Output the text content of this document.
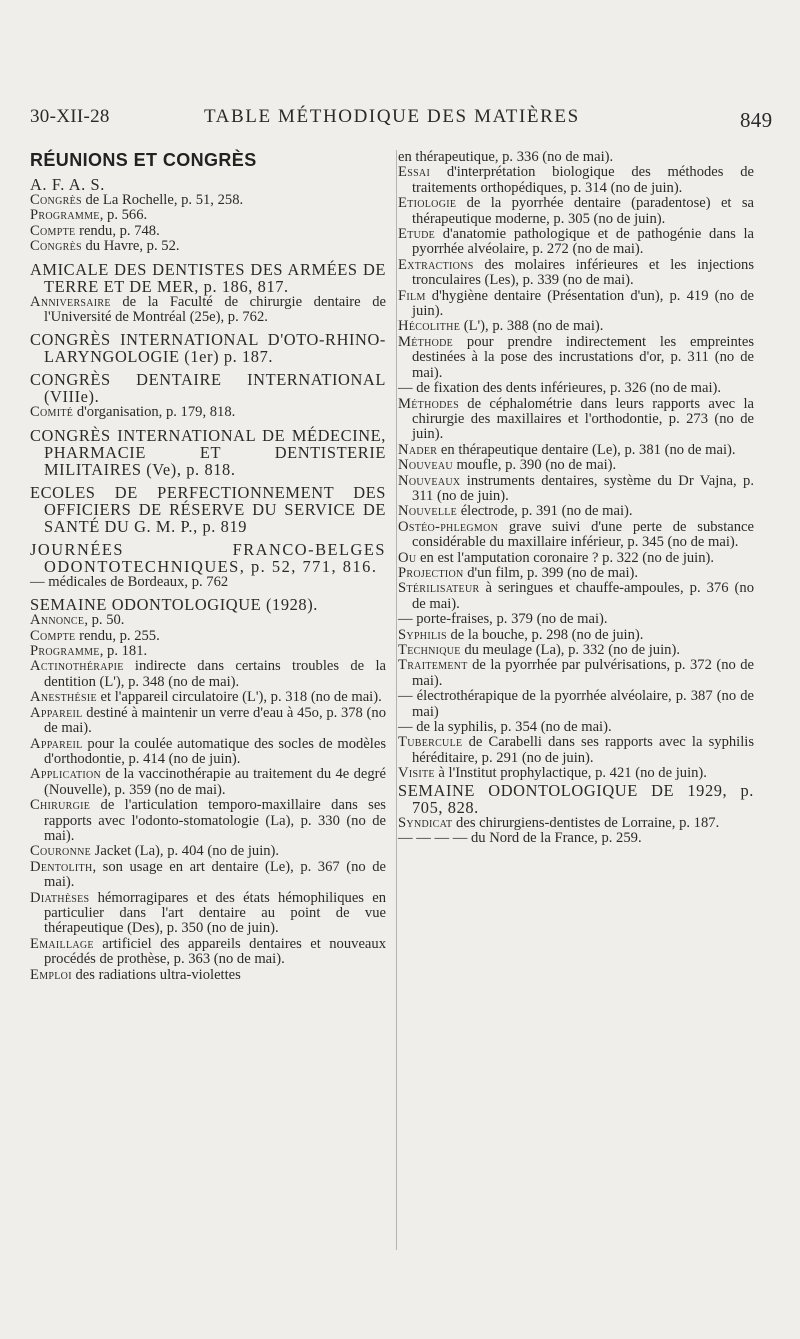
30-XII-28	TABLE MÉTHODIQUE DES MATIÈRES	849
RÉUNIONS ET CONGRÈS

A. F. A. S.

Congrès de La Rochelle, p. 51, 258.

Programme, p. 566.

Compte rendu, p. 748.

Congrès du Havre, p. 52.

AMICALE DES DENTISTES DES ARMÉES DE TERRE ET DE MER, p. 186, 817.

Anniversaire de la Faculté de chirurgie dentaire de l'Université de Montréal (25e), p. 762.

CONGRÈS INTERNATIONAL D'OTO-RHINO-LARYNGOLOGIE (1er) p. 187.

CONGRÈS DENTAIRE INTERNATIONAL (VIIIe).

Comité d'organisation, p. 179, 818.

CONGRÈS INTERNATIONAL DE MÉDECINE, PHARMACIE ET DENTISTERIE MILITAIRES (Ve), p. 818.

ECOLES DE PERFECTIONNEMENT DES OFFICIERS DE RÉSERVE DU SERVICE DE SANTÉ DU G. M. P., p. 819

JOURNÉES FRANCO-BELGES ODONTOTECHNIQUES, p. 52, 771, 816.

— médicales de Bordeaux, p. 762

SEMAINE ODONTOLOGIQUE (1928).

Annonce, p. 50.

Compte rendu, p. 255.

Programme, p. 181.

Actinothérapie indirecte dans certains troubles de la dentition (L'), p. 348 (no de mai).

Anesthésie et l'appareil circulatoire (L'), p. 318 (no de mai).

Appareil destiné à maintenir un verre d'eau à 45o, p. 378 (no de mai).

Appareil pour la coulée automatique des socles de modèles d'orthodontie, p. 414 (no de juin).

Application de la vaccinothérapie au traitement du 4e degré (Nouvelle), p. 359 (no de mai).

Chirurgie de l'articulation temporo-maxillaire dans ses rapports avec l'odonto-stomatologie (La), p. 330 (no de mai).

Couronne Jacket (La), p. 404 (no de juin).

Dentolith, son usage en art dentaire (Le), p. 367 (no de mai).

Diathèses hémorragipares et des états hémophiliques en particulier dans l'art dentaire au point de vue thérapeutique (Des), p. 350 (no de juin).

Emaillage artificiel des appareils dentaires et nouveaux procédés de prothèse, p. 363 (no de mai).

Emploi des radiations ultra-violettes

en thérapeutique, p. 336 (no de mai).

Essai d'interprétation biologique des méthodes de traitements orthopédiques, p. 314 (no de juin).

Etiologie de la pyorrhée dentaire (paradentose) et sa thérapeutique moderne, p. 305 (no de juin).

Etude d'anatomie pathologique et de pathogénie dans la pyorrhée alvéolaire, p. 272 (no de mai).

Extractions des molaires inférieures et les injections tronculaires (Les), p. 339 (no de mai).

Film d'hygiène dentaire (Présentation d'un), p. 419 (no de juin).

Hécolithe (L'), p. 388 (no de mai).

Méthode pour prendre indirectement les empreintes destinées à la pose des incrustations d'or, p. 311 (no de mai).

— de fixation des dents inférieures, p. 326 (no de mai).

Méthodes de céphalométrie dans leurs rapports avec la chirurgie des maxillaires et l'orthodontie, p. 273 (no de juin).

Nader en thérapeutique dentaire (Le), p. 381 (no de mai).

Nouveau moufle, p. 390 (no de mai).

Nouveaux instruments dentaires, système du Dr Vajna, p. 311 (no de juin).

Nouvelle électrode, p. 391 (no de mai).

Ostéo-phlegmon grave suivi d'une perte de substance considérable du maxillaire inférieur, p. 345 (no de mai).

Ou en est l'amputation coronaire ? p. 322 (no de juin).

Projection d'un film, p. 399 (no de mai).

Stérilisateur à seringues et chauffe-ampoules, p. 376 (no de mai).

— porte-fraises, p. 379 (no de mai).

Syphilis de la bouche, p. 298 (no de juin).

Technique du meulage (La), p. 332 (no de juin).

Traitement de la pyorrhée par pulvérisations, p. 372 (no de mai).

— électrothérapique de la pyorrhée alvéolaire, p. 387 (no de mai)

— de la syphilis, p. 354 (no de mai).

Tubercule de Carabelli dans ses rapports avec la syphilis héréditaire, p. 291 (no de juin).

Visite à l'Institut prophylactique, p. 421 (no de juin).

SEMAINE ODONTOLOGIQUE DE 1929, p. 705, 828.

Syndicat des chirurgiens-dentistes de Lorraine, p. 187.

— — — — du Nord de la France, p. 259.
